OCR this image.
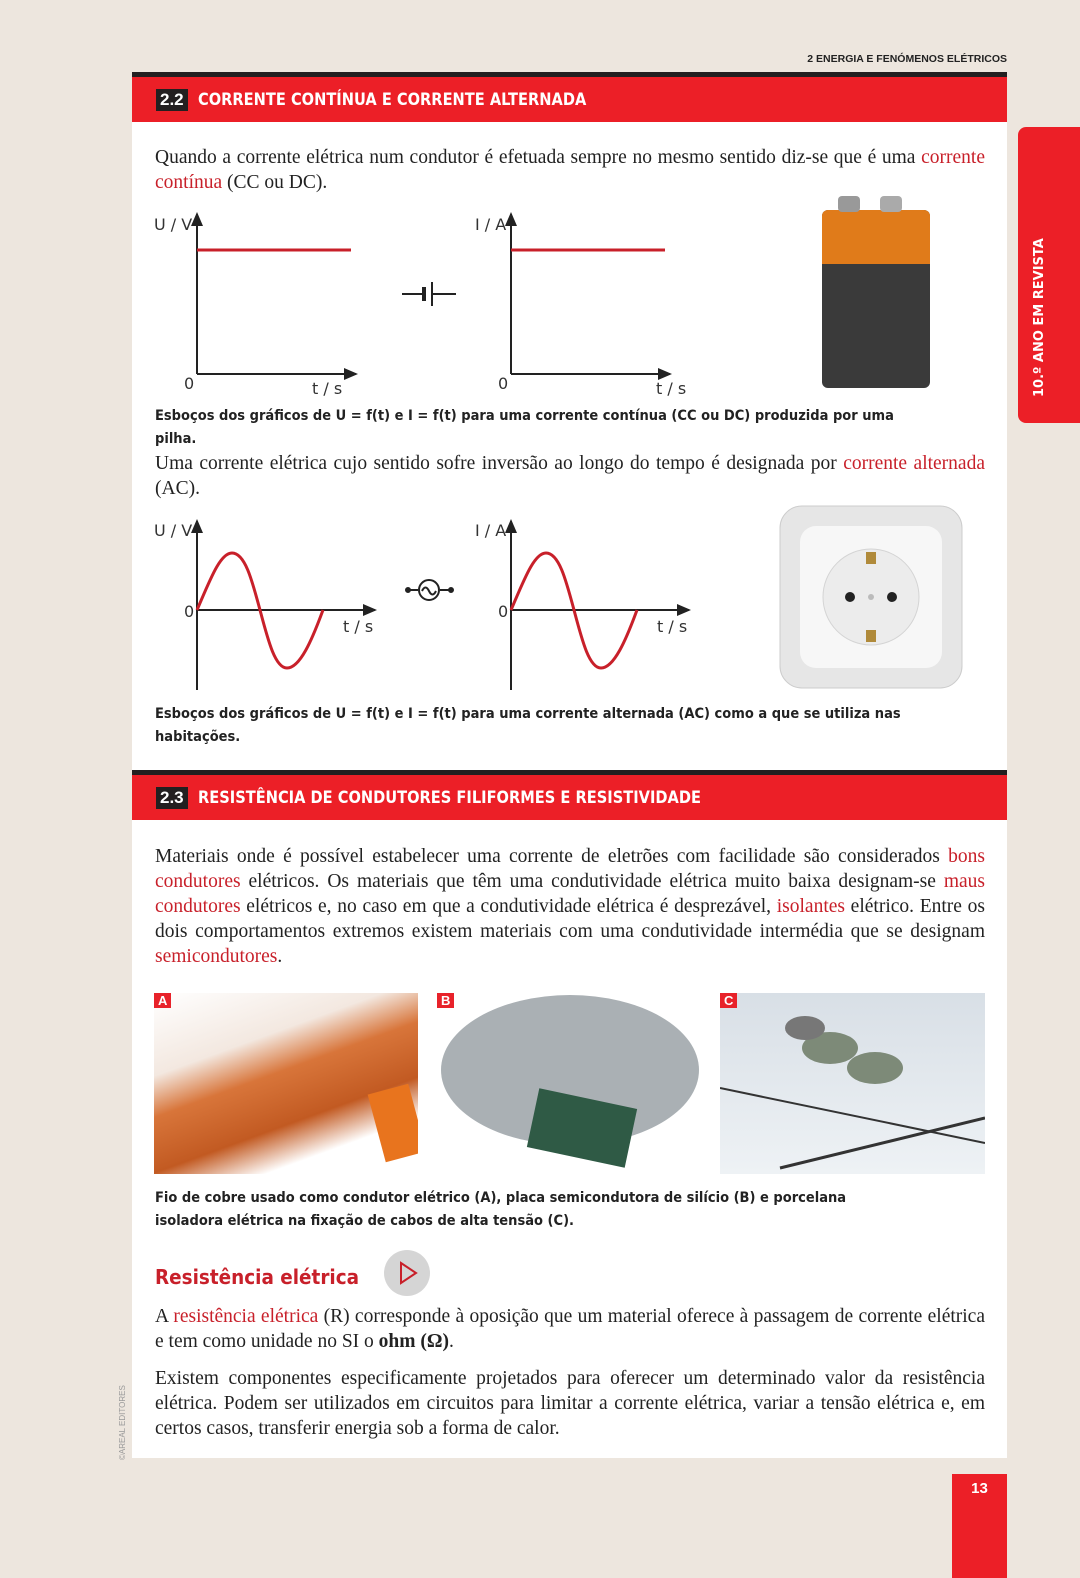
2 ENERGIA E FENÓMENOS ELÉTRICOS
10.º ANO EM REVISTA
2.2 CORRENTE CONTÍNUA E CORRENTE ALTERNADA

Quando a corrente elétrica num condutor é efetuada sempre no mesmo sentido diz-se que é uma corrente contínua (CC ou DC).

U / V
0	t / s
I / A
0	t / s
U / V
0
t / s
I / A
0
t / s
Esboços dos gráficos de U = f(t) e I = f(t) para uma corrente contínua (CC ou DC) produzida por uma pilha.

Uma corrente elétrica cujo sentido sofre inversão ao longo do tempo é designada por corrente alternada (AC).

Esboços dos gráficos de U = f(t) e I = f(t) para uma corrente alternada (AC) como a que se utiliza nas habitações.
2.3 RESISTÊNCIA DE CONDUTORES FILIFORMES E RESISTIVIDADE

Materiais onde é possível estabelecer uma corrente de eletrões com facilidade são considerados bons condutores elétricos. Os materiais que têm uma condutividade elétrica muito baixa designam-se maus condutores elétricos e, no caso em que a condutividade elétrica é desprezável, isolantes elétrico. Entre os dois comportamentos extremos existem materiais com uma condutividade intermédia que se designam semicondutores.

A	B	C
Fio de cobre usado como condutor elétrico (A), placa semicondutora de silício (B) e porcelana isoladora elétrica na fixação de cabos de alta tensão (C).
Resistência elétrica

A resistência elétrica (R) corresponde à oposição que um material oferece à passagem de corrente elétrica e tem como unidade no SI o ohm (Ω).

Existem componentes especificamente projetados para oferecer um determinado valor da resistência elétrica. Podem ser utilizados em circuitos para limitar a corrente elétrica, variar a tensão elétrica e, em certos casos, transferir energia sob a forma de calor.

©AREAL EDITORES
13
